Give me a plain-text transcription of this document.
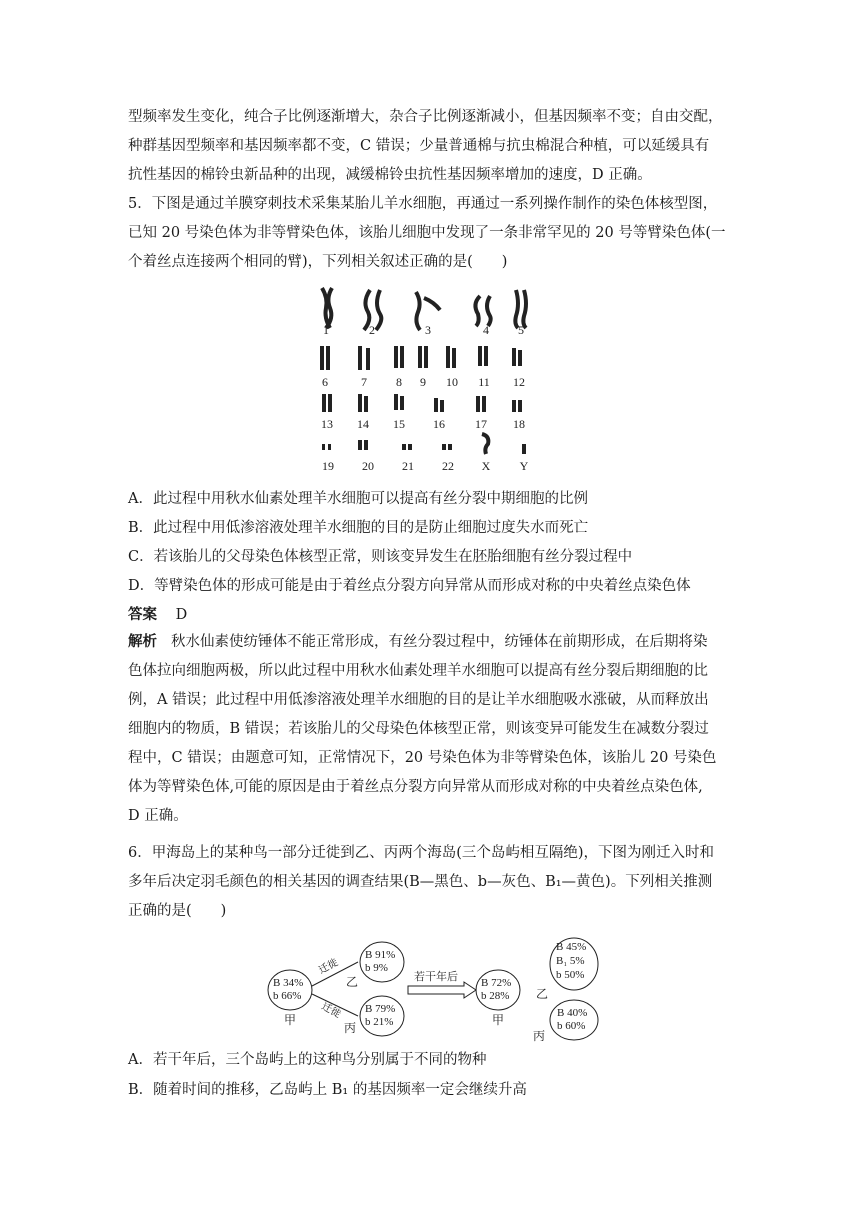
型频率发生变化，纯合子比例逐渐增大，杂合子比例逐渐减小，但基因频率不变；自由交配，
种群基因型频率和基因频率都不变，C 错误；少量普通棉与抗虫棉混合种植，可以延缓具有
抗性基因的棉铃虫新品种的出现，减缓棉铃虫抗性基因频率增加的速度，D 正确。
5．下图是通过羊膜穿刺技术采集某胎儿羊水细胞，再通过一系列操作制作的染色体核型图，
已知 20 号染色体为非等臂染色体，该胎儿细胞中发现了一条非常罕见的 20 号等臂染色体(一
个着丝点连接两个相同的臂)，下列相关叙述正确的是(　　)
1	2	3	4 5
6	7 8 9 10 11 12
13 14 15 16	17 18
19 20 21 22 X Y

A．此过程中用秋水仙素处理羊水细胞可以提高有丝分裂中期细胞的比例

B．此过程中用低渗溶液处理羊水细胞的目的是防止细胞过度失水而死亡

C．若该胎儿的父母染色体核型正常，则该变异发生在胚胎细胞有丝分裂过程中

D．等臂染色体的形成可能是由于着丝点分裂方向异常从而形成对称的中央着丝点染色体

答案 D

解析 秋水仙素使纺锤体不能正常形成，有丝分裂过程中，纺锤体在前期形成，在后期将染
色体拉向细胞两极，所以此过程中用秋水仙素处理羊水细胞可以提高有丝分裂后期细胞的比
例，A 错误；此过程中用低渗溶液处理羊水细胞的目的是让羊水细胞吸水涨破，从而释放出
细胞内的物质，B 错误；若该胎儿的父母染色体核型正常，则该变异可能发生在减数分裂过
程中，C 错误；由题意可知，正常情况下，20 号染色体为非等臂染色体，该胎儿 20 号染色
体为等臂染色体,可能的原因是由于着丝点分裂方向异常从而形成对称的中央着丝点染色体,
D 正确。
6．甲海岛上的某种鸟一部分迁徙到乙、丙两个海岛(三个岛屿相互隔绝)，下图为刚迁入时和
多年后决定羽毛颜色的相关基因的调查结果(B—黑色、b—灰色、B₁—黄色)。下列相关推测
正确的是(　　)
B 34%
b 66%
甲
迁徙
迁徙
B 91%
b 9%
乙
B 79%
b 21%
丙
若干年后 B 72%
b 28%
甲
B 45%
B₁ 5%
b 50%
乙
B 40%
b 60%
丙

A．若干年后，三个岛屿上的这种鸟分别属于不同的物种

B．随着时间的推移，乙岛屿上 B₁ 的基因频率一定会继续升高
